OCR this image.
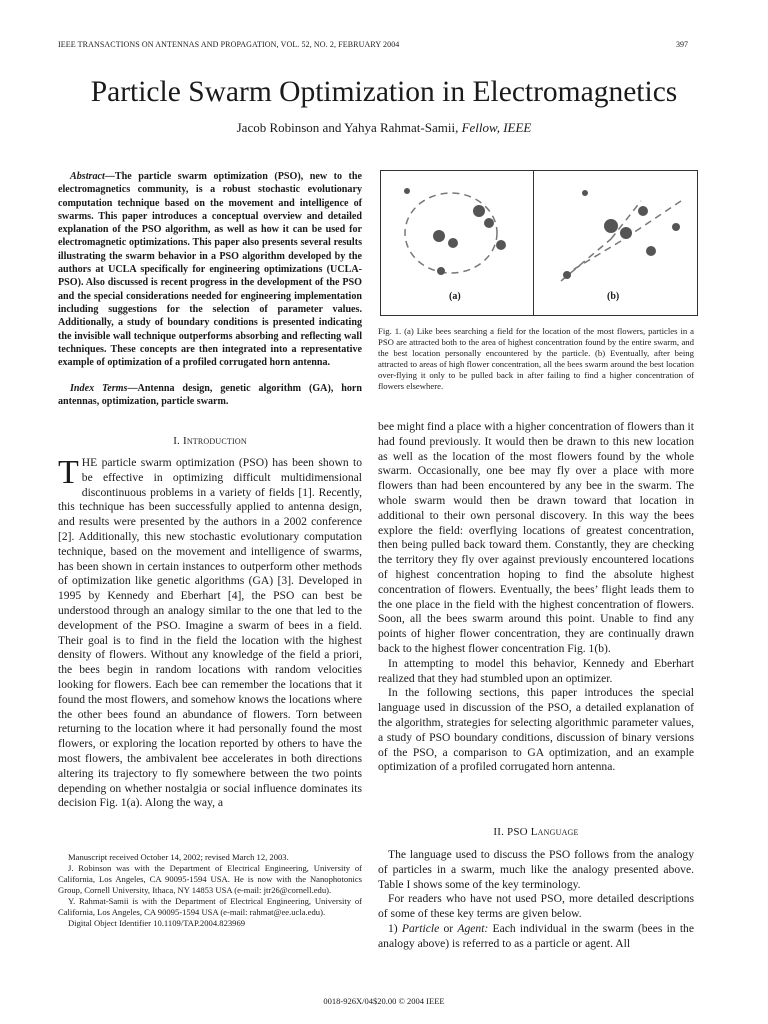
IEEE TRANSACTIONS ON ANTENNAS AND PROPAGATION, VOL. 52, NO. 2, FEBRUARY 2004	397
Particle Swarm Optimization in Electromagnetics
Jacob Robinson and Yahya Rahmat-Samii, Fellow, IEEE
Abstract—The particle swarm optimization (PSO), new to the electromagnetics community, is a robust stochastic evolutionary computation technique based on the movement and intelligence of swarms. This paper introduces a conceptual overview and detailed explanation of the PSO algorithm, as well as how it can be used for electromagnetic optimizations. This paper also presents several results illustrating the swarm behavior in a PSO algorithm developed by the authors at UCLA specifically for engineering optimizations (UCLA-PSO). Also discussed is recent progress in the development of the PSO and the special considerations needed for engineering implementation including suggestions for the selection of parameter values. Additionally, a study of boundary conditions is presented indicating the invisible wall technique outperforms absorbing and reflecting wall techniques. These concepts are then integrated into a representative example of optimization of a profiled corrugated horn antenna.
Index Terms—Antenna design, genetic algorithm (GA), horn antennas, optimization, particle swarm.
I. Introduction

THE particle swarm optimization (PSO) has been shown to be effective in optimizing difficult multidimensional discontinuous problems in a variety of fields [1]. Recently, this technique has been successfully applied to antenna design, and results were presented by the authors in a 2002 conference [2]. Additionally, this new stochastic evolutionary computation technique, based on the movement and intelligence of swarms, has been shown in certain instances to outperform other methods of optimization like genetic algorithms (GA) [3]. Developed in 1995 by Kennedy and Eberhart [4], the PSO can best be understood through an analogy similar to the one that led to the development of the PSO. Imagine a swarm of bees in a field. Their goal is to find in the field the location with the highest density of flowers. Without any knowledge of the field a priori, the bees begin in random locations with random velocities looking for flowers. Each bee can remember the locations that it found the most flowers, and somehow knows the locations where the other bees found an abundance of flowers. Torn between returning to the location where it had personally found the most flowers, or exploring the location reported by others to have the most flowers, the ambivalent bee accelerates in both directions altering its trajectory to fly somewhere between the two points depending on whether nostalgia or social influence dominates its decision Fig. 1(a). Along the way, a

(a)	(b)
Fig. 1. (a) Like bees searching a field for the location of the most flowers, particles in a PSO are attracted both to the area of highest concentration found by the entire swarm, and the best location personally encountered by the particle. (b) Eventually, after being attracted to areas of high flower concentration, all the bees swarm around the best location over-flying it only to be pulled back in after failing to find a higher concentration of flowers elsewhere.

bee might find a place with a higher concentration of flowers than it had found previously. It would then be drawn to this new location as well as the location of the most flowers found by the whole swarm. Occasionally, one bee may fly over a place with more flowers than had been encountered by any bee in the swarm. The whole swarm would then be drawn toward that location in additional to their own personal discovery. In this way the bees explore the field: overflying locations of greatest concentration, then being pulled back toward them. Constantly, they are checking the territory they fly over against previously encountered locations of highest concentration hoping to find the absolute highest concentration of flowers. Eventually, the bees’ flight leads them to the one place in the field with the highest concentration of flowers. Soon, all the bees swarm around this point. Unable to find any points of higher flower concentration, they are continually drawn back to the highest flower concentration Fig. 1(b).

In attempting to model this behavior, Kennedy and Eberhart realized that they had stumbled upon an optimizer.

In the following sections, this paper introduces the special language used in discussion of the PSO, a detailed explanation of the algorithm, strategies for selecting algorithmic parameter values, a study of PSO boundary conditions, discussion of binary versions of the PSO, a comparison to GA optimization, and an example optimization of a profiled corrugated horn antenna.

II. PSO Language

The language used to discuss the PSO follows from the analogy of particles in a swarm, much like the analogy presented above. Table I shows some of the key terminology.

For readers who have not used PSO, more detailed descriptions of some of these key terms are given below.

1) Particle or Agent: Each individual in the swarm (bees in the analogy above) is referred to as a particle or agent. All

Manuscript received October 14, 2002; revised March 12, 2003.

J. Robinson was with the Department of Electrical Engineering, University of California, Los Angeles, CA 90095-1594 USA. He is now with the Nanophotonics Group, Cornell University, Ithaca, NY 14853 USA (e-mail: jtr26@cornell.edu).

Y. Rahmat-Samii is with the Department of Electrical Engineering, University of California, Los Angeles, CA 90095-1594 USA (e-mail: rahmat@ee.ucla.edu).

Digital Object Identifier 10.1109/TAP.2004.823969

0018-926X/04$20.00 © 2004 IEEE
